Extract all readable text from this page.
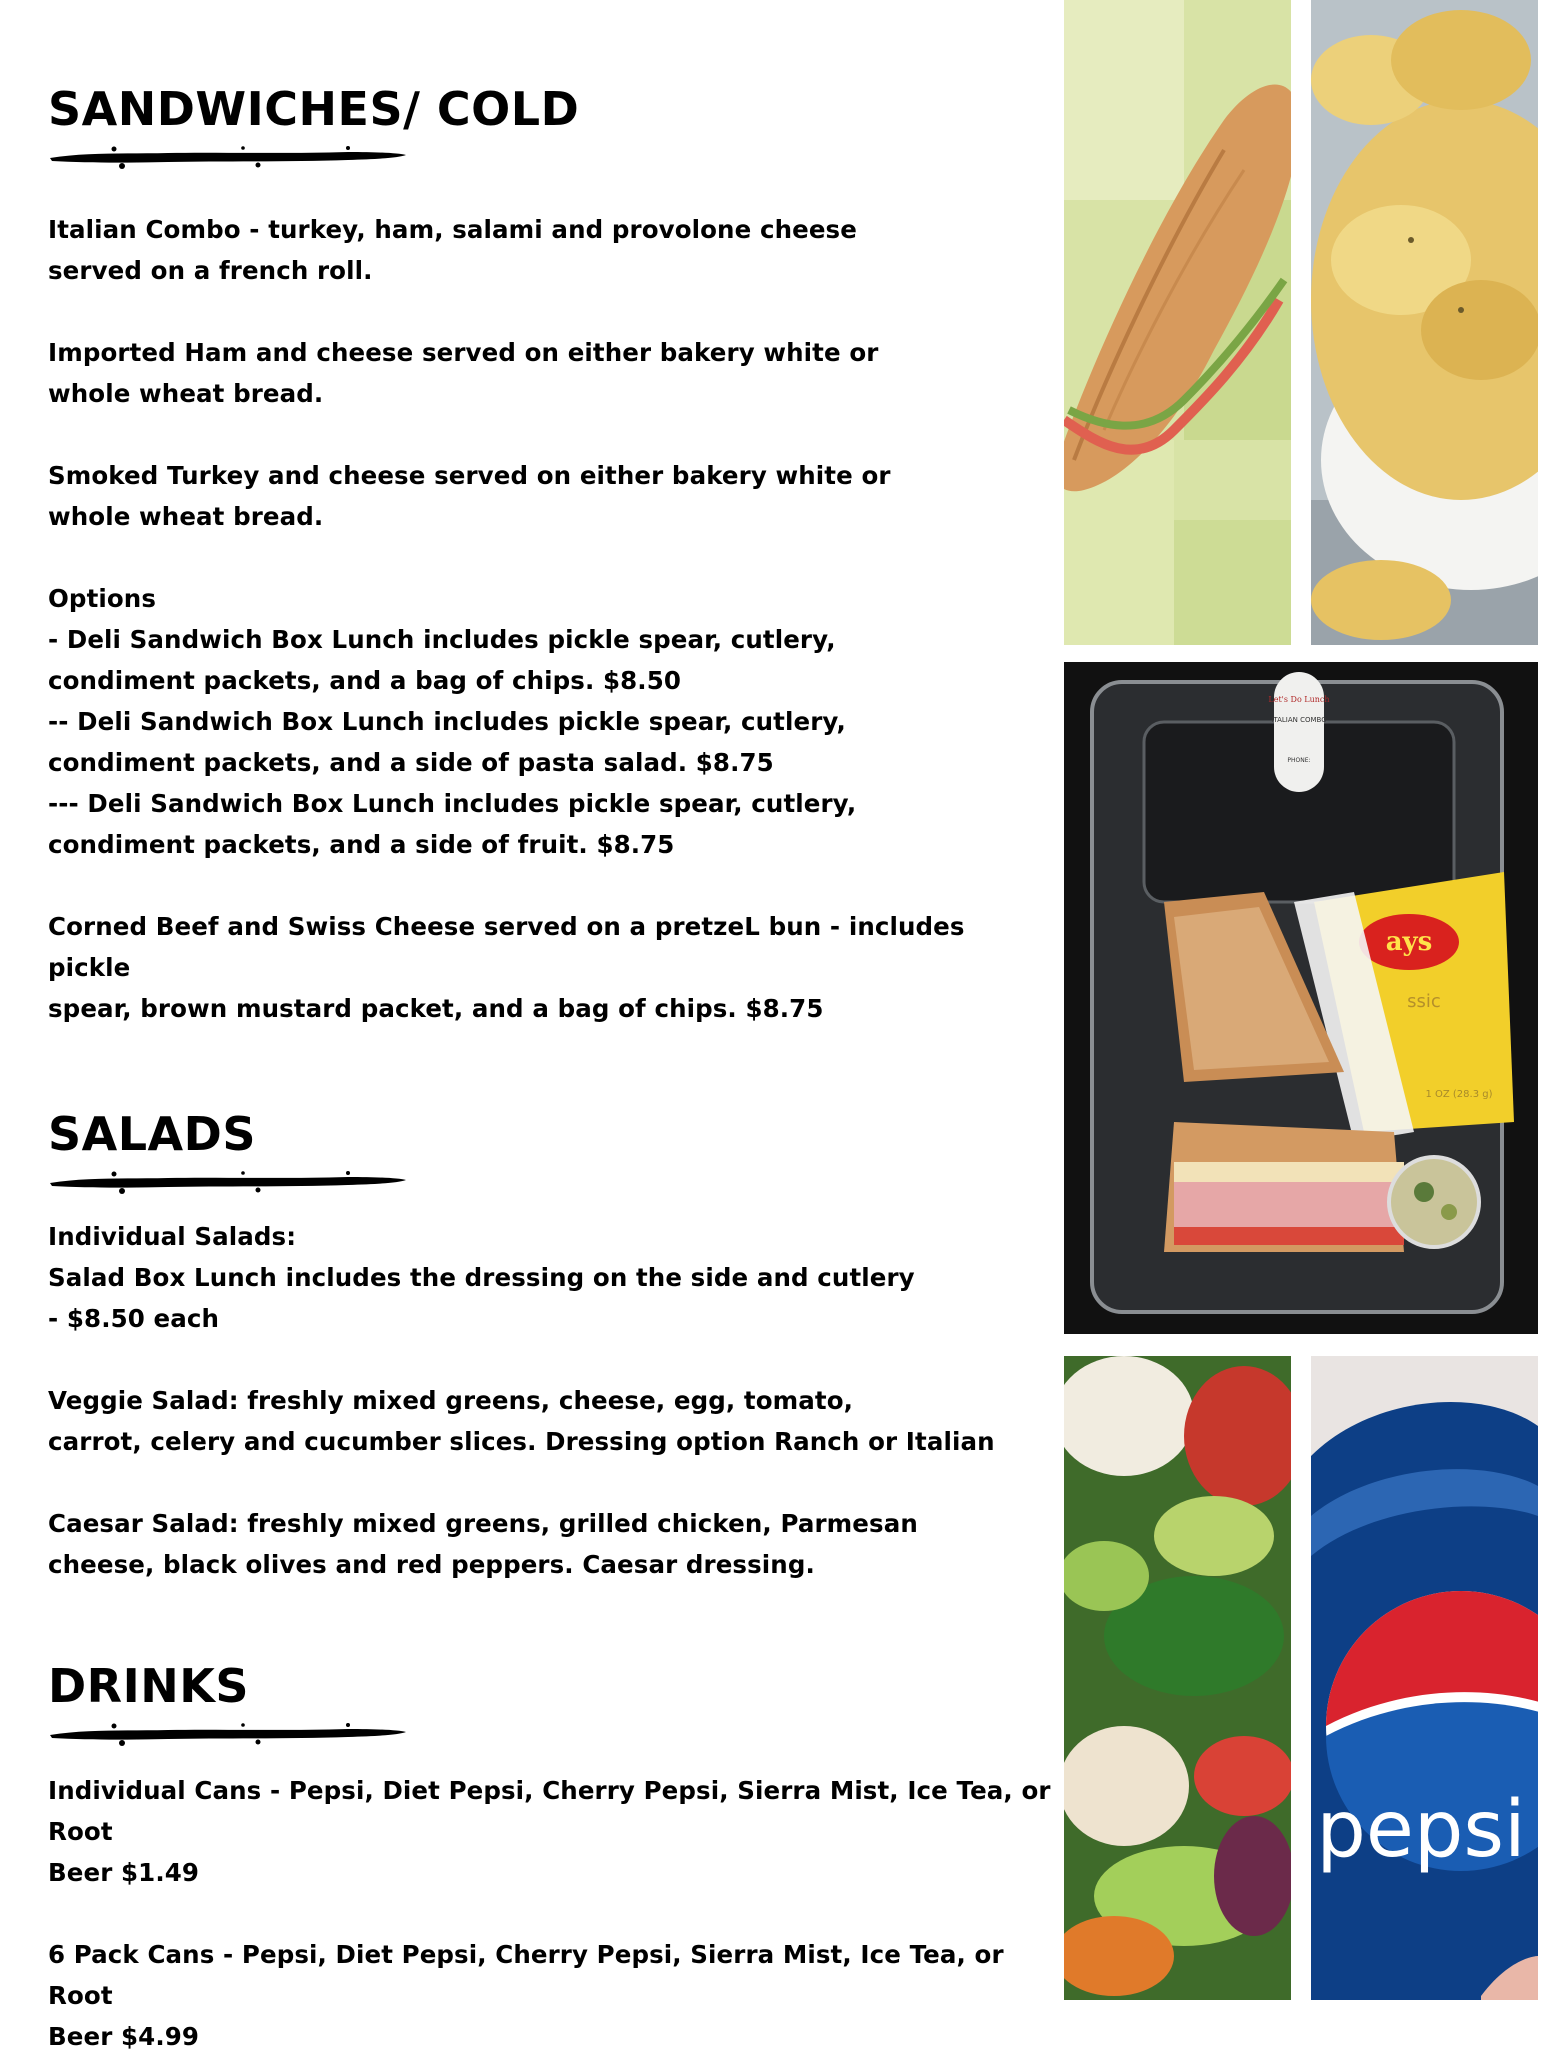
SANDWICHES/ COLD

Italian Combo - turkey, ham, salami and provolone cheese
served on a french roll.

Imported Ham and cheese served on either bakery white or
whole wheat bread.

Smoked Turkey and cheese served on either bakery white or
whole wheat bread.

Options

- Deli Sandwich Box Lunch includes pickle spear, cutlery,
condiment packets, and a bag of chips. $8.50

-- Deli Sandwich Box Lunch includes pickle spear, cutlery,
condiment packets, and a side of pasta salad. $8.75

--- Deli Sandwich Box Lunch includes pickle spear, cutlery,
condiment packets, and a side of fruit. $8.75

Corned Beef and Swiss Cheese served on a pretzeL bun - includes pickle
spear, brown mustard packet, and a bag of chips. $8.75

SALADS

Individual Salads:
Salad Box Lunch includes the dressing on the side and cutlery
- $8.50 each

Veggie Salad: freshly mixed greens, cheese, egg, tomato,
carrot, celery and cucumber slices. Dressing option Ranch or Italian

Caesar Salad: freshly mixed greens, grilled chicken, Parmesan
cheese, black olives and red peppers. Caesar dressing.

DRINKS

Individual Cans - Pepsi, Diet Pepsi, Cherry Pepsi, Sierra Mist, Ice Tea, or Root
Beer $1.49

6 Pack Cans - Pepsi, Diet Pepsi, Cherry Pepsi, Sierra Mist, Ice Tea, or Root
Beer $4.99

Let's Do Lunch
ITALIAN COMBO
PHONE:
ays
ssic
1 OZ (28.3 g)
pepsi
